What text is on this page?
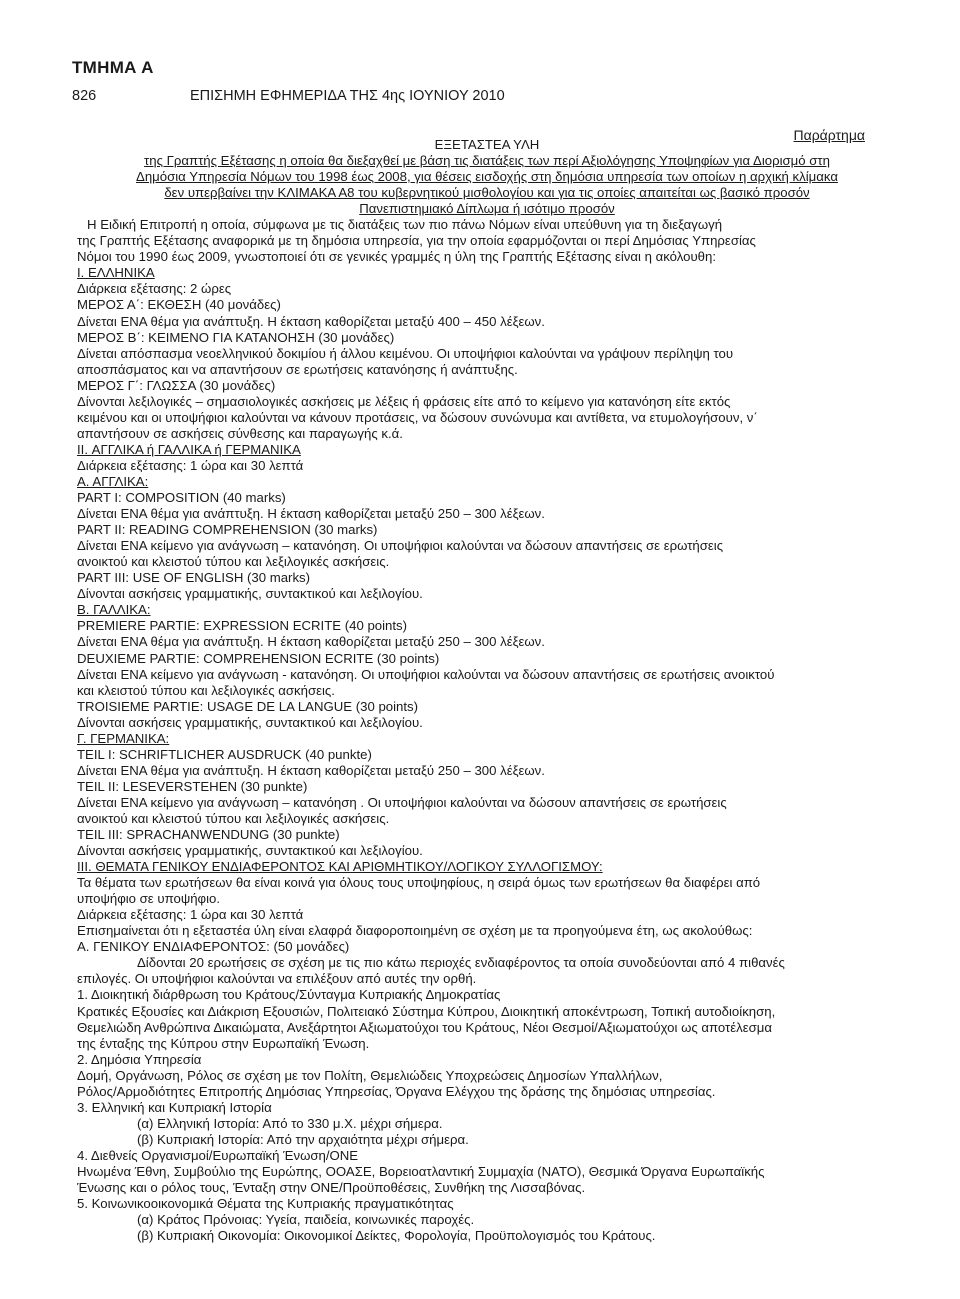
ΤΜΗΜΑ Α
826	ΕΠΙΣΗΜΗ ΕΦΗΜΕΡΙΔΑ ΤΗΣ 4ης ΙΟΥΝΙΟΥ 2010
Παράρτημα
ΕΞΕΤΑΣΤΕΑ ΥΛΗ
της Γραπτής Εξέτασης η οποία θα διεξαχθεί με βάση τις διατάξεις των περί Αξιολόγησης Υποψηφίων για Διορισμό στη
Δημόσια Υπηρεσία Νόμων του 1998 έως 2008, για θέσεις εισδοχής στη δημόσια υπηρεσία των οποίων η αρχική κλίμακα
δεν υπερβαίνει την ΚΛΙΜΑΚΑ Α8 του κυβερνητικού μισθολογίου και για τις οποίες απαιτείται ως βασικό προσόν
Πανεπιστημιακό Δίπλωμα ή ισότιμο προσόν
Η Ειδική Επιτροπή η οποία, σύμφωνα με τις διατάξεις των πιο πάνω Νόμων είναι υπεύθυνη για τη διεξαγωγή
της Γραπτής Εξέτασης αναφορικά με τη δημόσια υπηρεσία, για την οποία εφαρμόζονται οι περί Δημόσιας Υπηρεσίας
Νόμοι του 1990 έως 2009, γνωστοποιεί ότι σε γενικές γραμμές η ύλη της Γραπτής Εξέτασης είναι η ακόλουθη:
I. ΕΛΛΗΝΙΚΑ
Διάρκεια εξέτασης: 2 ώρες
ΜΕΡΟΣ Α΄: ΕΚΘΕΣΗ (40 μονάδες)
Δίνεται ΕΝΑ θέμα για ανάπτυξη. Η έκταση καθορίζεται μεταξύ 400 – 450 λέξεων.
ΜΕΡΟΣ Β΄: ΚΕΙΜΕΝΟ ΓΙΑ ΚΑΤΑΝΟΗΣΗ (30 μονάδες)
Δίνεται απόσπασμα νεοελληνικού δοκιμίου ή άλλου κειμένου. Οι υποψήφιοι καλούνται να γράψουν περίληψη του
αποσπάσματος και να απαντήσουν σε ερωτήσεις κατανόησης ή ανάπτυξης.
ΜΕΡΟΣ Γ΄: ΓΛΩΣΣΑ (30 μονάδες)
Δίνονται λεξιλογικές – σημασιολογικές ασκήσεις με λέξεις ή φράσεις είτε από το κείμενο για κατανόηση είτε εκτός
κειμένου και οι υποψήφιοι καλούνται να κάνουν προτάσεις, να δώσουν συνώνυμα και αντίθετα, να ετυμολογήσουν, ν΄
απαντήσουν σε ασκήσεις σύνθεσης και παραγωγής κ.ά.
II. ΑΓΓΛΙΚΑ ή ΓΑΛΛΙΚΑ ή ΓΕΡΜΑΝΙΚΑ
Διάρκεια εξέτασης: 1 ώρα και 30 λεπτά
Α. ΑΓΓΛΙΚΑ:
PART I: COMPOSITION (40 marks)
Δίνεται ΕΝΑ θέμα για ανάπτυξη. Η έκταση καθορίζεται μεταξύ 250 – 300 λέξεων.
PART II: READING COMPREHENSION (30 marks)
Δίνεται ΕΝΑ κείμενο για ανάγνωση – κατανόηση. Οι υποψήφιοι καλούνται να δώσουν απαντήσεις σε ερωτήσεις
ανοικτού και κλειστού τύπου και λεξιλογικές ασκήσεις.
PART III: USE OF ENGLISH (30 marks)
Δίνονται ασκήσεις γραμματικής, συντακτικού και λεξιλογίου.
Β. ΓΑΛΛΙΚΑ:
PREMIERE PARTIE: EXPRESSION ECRITE (40 points)
Δίνεται ΕΝΑ θέμα για ανάπτυξη. Η έκταση καθορίζεται μεταξύ 250 – 300 λέξεων.
DEUXIEME PARTIE: COMPREHENSION ECRITE (30 points)
Δίνεται ΕΝΑ κείμενο για ανάγνωση - κατανόηση. Οι υποψήφιοι καλούνται να δώσουν απαντήσεις σε ερωτήσεις ανοικτού
και κλειστού τύπου και λεξιλογικές ασκήσεις.
TROISIEME PARTIE: USAGE DE LA LANGUE (30 points)
Δίνονται ασκήσεις γραμματικής, συντακτικού και λεξιλογίου.
Γ. ΓΕΡΜΑΝΙΚΑ:
TEIL I: SCHRIFTLICHER AUSDRUCK (40 punkte)
Δίνεται ΕΝΑ θέμα για ανάπτυξη. Η έκταση καθορίζεται μεταξύ 250 – 300 λέξεων.
TEIL II: LESEVERSTEHEN (30 punkte)
Δίνεται ΕΝΑ κείμενο για ανάγνωση – κατανόηση . Οι υποψήφιοι καλούνται να δώσουν απαντήσεις σε ερωτήσεις
ανοικτού και κλειστού τύπου και λεξιλογικές ασκήσεις.
TEIL III: SPRACHANWENDUNG (30 punkte)
Δίνονται ασκήσεις γραμματικής, συντακτικού και λεξιλογίου.
III. ΘΕΜΑΤΑ ΓΕΝΙΚΟΥ ΕΝΔΙΑΦΕΡΟΝΤΟΣ ΚΑΙ ΑΡΙΘΜΗΤΙΚΟΥ/ΛΟΓΙΚΟΥ ΣΥΛΛΟΓΙΣΜΟΥ:
Τα θέματα των ερωτήσεων θα είναι κοινά για όλους τους υποψηφίους, η σειρά όμως των ερωτήσεων θα διαφέρει από
υποψήφιο σε υποψήφιο.
Διάρκεια εξέτασης: 1 ώρα και 30 λεπτά
Επισημαίνεται ότι η εξεταστέα ύλη είναι ελαφρά διαφοροποιημένη σε σχέση με τα προηγούμενα έτη, ως ακολούθως:
Α. ΓΕΝΙΚΟΥ ΕΝΔΙΑΦΕΡΟΝΤΟΣ: (50 μονάδες)
Δίδονται 20 ερωτήσεις σε σχέση με τις πιο κάτω περιοχές ενδιαφέροντος τα οποία συνοδεύονται από 4 πιθανές
επιλογές. Οι υποψήφιοι καλούνται να επιλέξουν από αυτές την ορθή.
1. Διοικητική διάρθρωση του Κράτους/Σύνταγμα Κυπριακής Δημοκρατίας
Κρατικές Εξουσίες και Διάκριση Εξουσιών, Πολιτειακό Σύστημα Κύπρου, Διοικητική αποκέντρωση, Τοπική αυτοδιοίκηση,
Θεμελιώδη Ανθρώπινα Δικαιώματα, Ανεξάρτητοι Αξιωματούχοι του Κράτους, Νέοι Θεσμοί/Αξιωματούχοι ως αποτέλεσμα
της ένταξης της Κύπρου στην Ευρωπαϊκή Ένωση.
2. Δημόσια Υπηρεσία
Δομή, Οργάνωση, Ρόλος σε σχέση με τον Πολίτη, Θεμελιώδεις Υποχρεώσεις Δημοσίων Υπαλλήλων,
Ρόλος/Αρμοδιότητες Επιτροπής Δημόσιας Υπηρεσίας, Όργανα Ελέγχου της δράσης της δημόσιας υπηρεσίας.
3. Ελληνική και Κυπριακή Ιστορία
(α) Ελληνική Ιστορία: Από το 330 μ.Χ. μέχρι σήμερα.
(β) Κυπριακή Ιστορία: Από την αρχαιότητα μέχρι σήμερα.
4. Διεθνείς Οργανισμοί/Ευρωπαϊκή Ένωση/ΟΝΕ
Ηνωμένα Έθνη, Συμβούλιο της Ευρώπης, ΟΟΑΣΕ, Βορειοατλαντική Συμμαχία (ΝΑΤΟ), Θεσμικά Όργανα Ευρωπαϊκής
Ένωσης και ο ρόλος τους, Ένταξη στην ΟΝΕ/Προϋποθέσεις, Συνθήκη της Λισσαβόνας.
5. Κοινωνικοοικονομικά Θέματα της Κυπριακής πραγματικότητας
(α) Κράτος Πρόνοιας: Υγεία, παιδεία, κοινωνικές παροχές.
(β) Κυπριακή Οικονομία: Οικονομικοί Δείκτες, Φορολογία, Προϋπολογισμός του Κράτους.
